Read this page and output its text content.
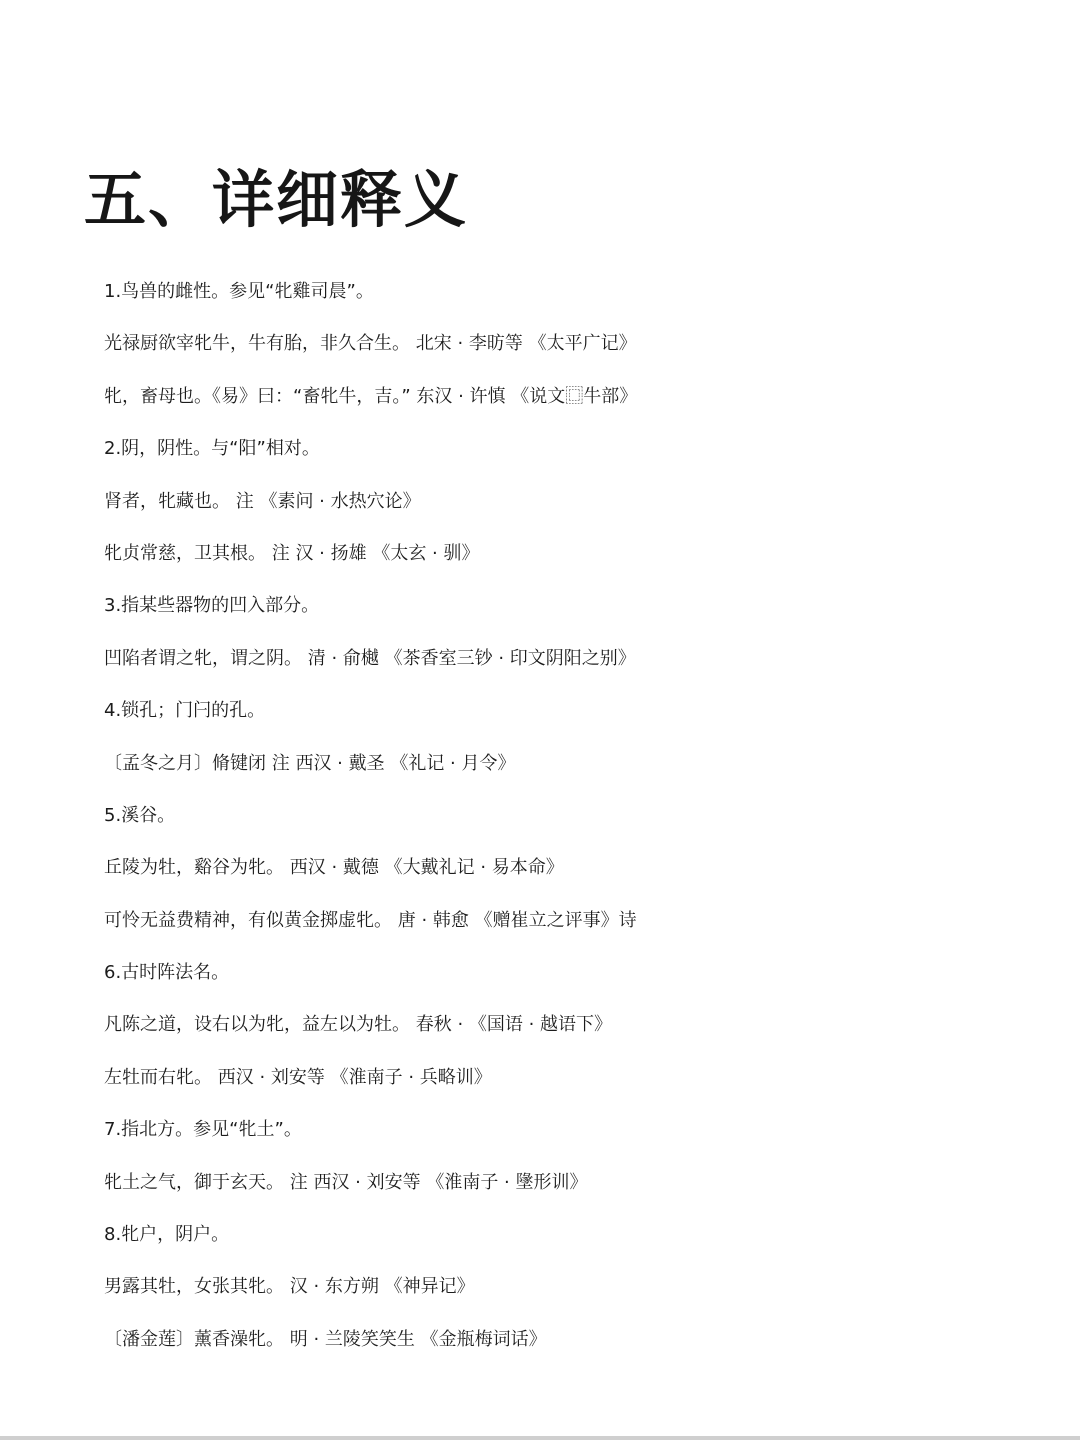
五、详细释义
1.鸟兽的雌性。参见“牝雞司晨”。
光禄厨欲宰牝牛，牛有胎，非久合生。 北宋 · 李昉等 《太平广记》
牝，畜母也。《易》曰：“畜牝牛，吉。” 东汉 · 许慎 《说文⿴牛部》
2.阴，阴性。与“阳”相对。
肾者，牝藏也。 注 《素问 · 水热穴论》
牝贞常慈，卫其根。 注 汉 · 扬雄 《太玄 · 驯》
3.指某些器物的凹入部分。
凹陷者谓之牝，谓之阴。 清 · 俞樾 《茶香室三钞 · 印文阴阳之别》
4.锁孔；门闩的孔。
〔孟冬之月〕脩键闭 注 西汉 · 戴圣 《礼记 · 月令》
5.溪谷。
丘陵为牡，谿谷为牝。 西汉 · 戴德 《大戴礼记 · 易本命》
可怜无益费精神，有似黄金掷虚牝。 唐 · 韩愈 《赠崔立之评事》诗
6.古时阵法名。
凡陈之道，设右以为牝，益左以为牡。 春秋 · 《国语 · 越语下》
左牡而右牝。 西汉 · 刘安等 《淮南子 · 兵略训》
7.指北方。参见“牝土”。
牝土之气，御于玄天。 注 西汉 · 刘安等 《淮南子 · 墬形训》
8.牝户，阴户。
男露其牡，女张其牝。 汉 · 东方朔 《神异记》
〔潘金莲〕薰香澡牝。 明 · 兰陵笑笑生 《金瓶梅词话》
